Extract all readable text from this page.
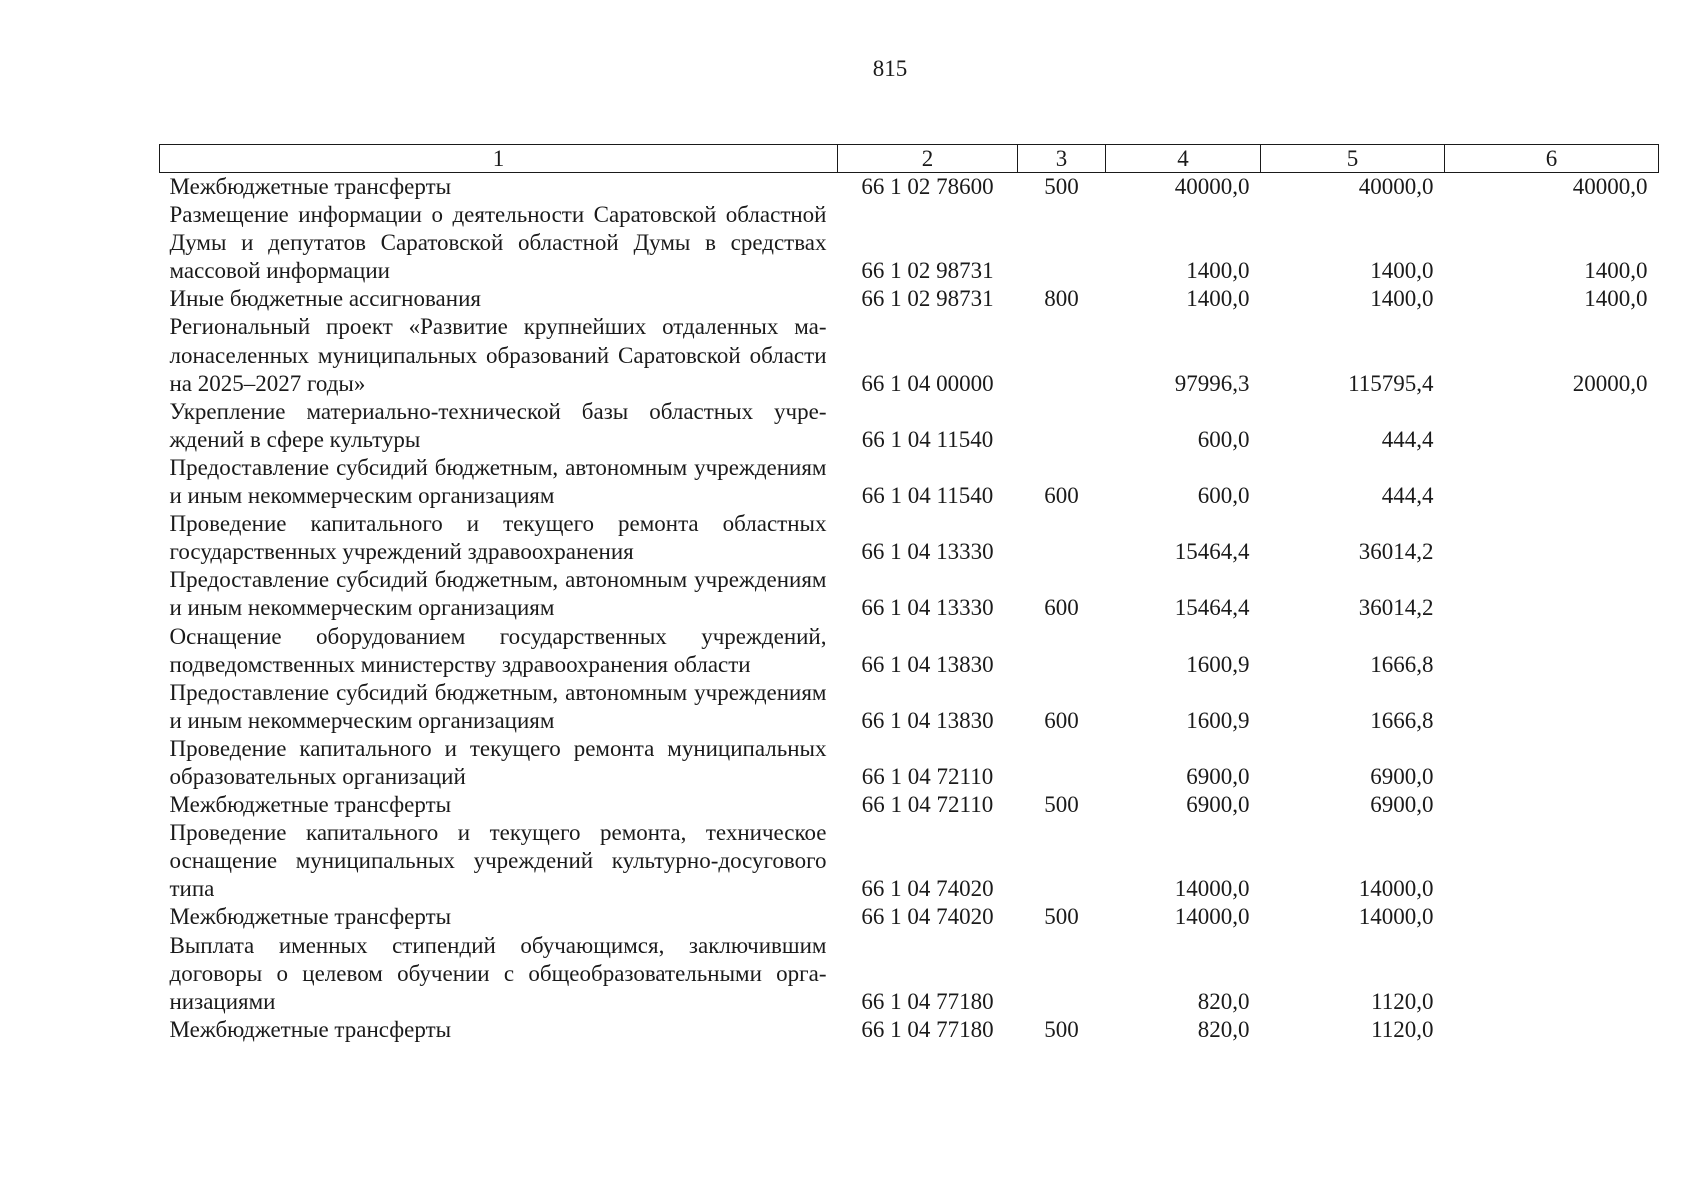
815
1	2	3	4	5	6
Межбюджетные трансферты	66 1 02 78600	500	40000,0	40000,0	40000,0
Размещение информации о деятельности Саратовской областной Думы и депутатов Саратовской областной Думы в средствах массовой информации	66 1 02 98731		1400,0	1400,0	1400,0
Иные бюджетные ассигнования	66 1 02 98731	800	1400,0	1400,0	1400,0
Региональный проект «Развитие крупнейших отдаленных малонаселенных муниципальных образований Саратовской области на 2025–2027 годы»	66 1 04 00000		97996,3	115795,4	20000,0
Укрепление материально-технической базы областных учреждений в сфере культуры	66 1 04 11540		600,0	444,4	
Предоставление субсидий бюджетным, автономным учреждениям и иным некоммерческим организациям	66 1 04 11540	600	600,0	444,4	
Проведение капитального и текущего ремонта областных государственных учреждений здравоохранения	66 1 04 13330		15464,4	36014,2	
Предоставление субсидий бюджетным, автономным учреждениям и иным некоммерческим организациям	66 1 04 13330	600	15464,4	36014,2	
Оснащение оборудованием государственных учреждений, подведомственных министерству здравоохранения области	66 1 04 13830		1600,9	1666,8	
Предоставление субсидий бюджетным, автономным учреждениям и иным некоммерческим организациям	66 1 04 13830	600	1600,9	1666,8	
Проведение капитального и текущего ремонта муниципальных образовательных организаций	66 1 04 72110		6900,0	6900,0	
Межбюджетные трансферты	66 1 04 72110	500	6900,0	6900,0	
Проведение капитального и текущего ремонта, техническое оснащение муниципальных учреждений культурно-досугового типа	66 1 04 74020		14000,0	14000,0	
Межбюджетные трансферты	66 1 04 74020	500	14000,0	14000,0	
Выплата именных стипендий обучающимся, заключившим договоры о целевом обучении с общеобразовательными организациями	66 1 04 77180		820,0	1120,0	
Межбюджетные трансферты	66 1 04 77180	500	820,0	1120,0	
